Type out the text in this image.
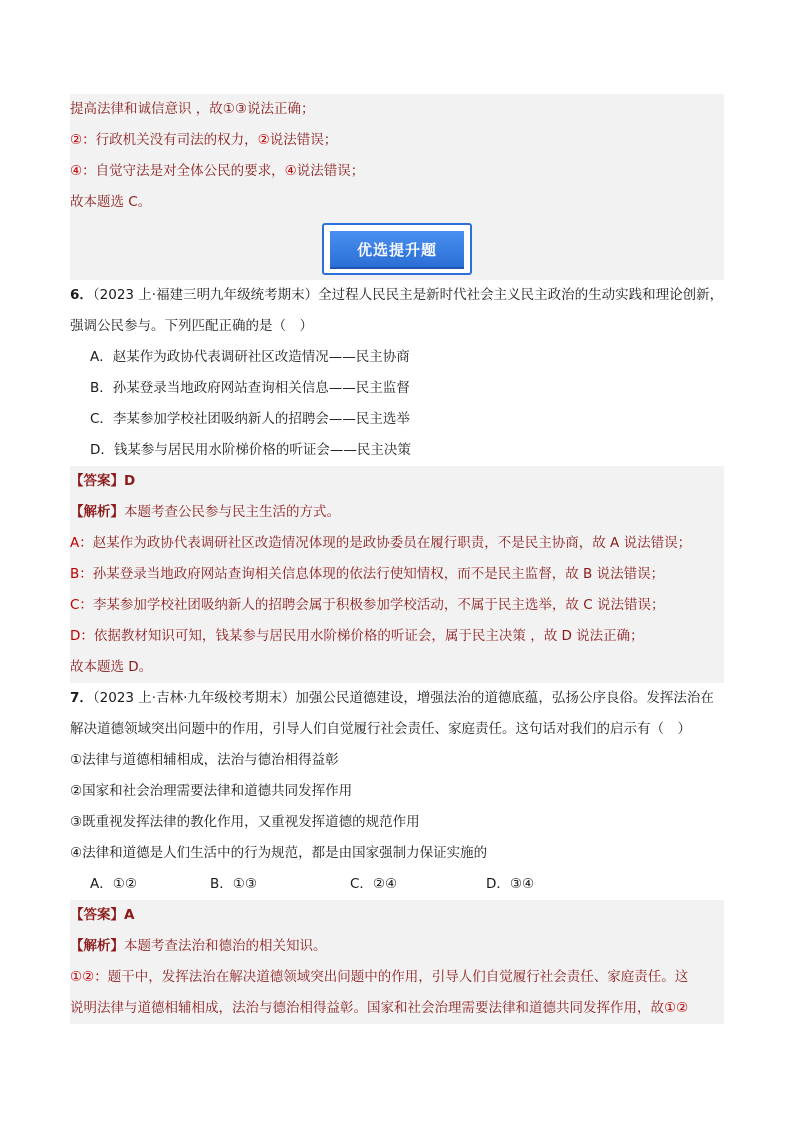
提高法律和诚信意识 ，故①③说法正确；
②：行政机关没有司法的权力，②说法错误；
④：自觉守法是对全体公民的要求，④说法错误；
故本题选 C。
优选提升题
6．（2023 上·福建三明九年级统考期末）全过程人民民主是新时代社会主义民主政治的生动实践和理论创新，
强调公民参与。下列匹配正确的是（　）
A．赵某作为政协代表调研社区改造情况——民主协商
B．孙某登录当地政府网站查询相关信息——民主监督
C．李某参加学校社团吸纳新人的招聘会——民主选举
D．钱某参与居民用水阶梯价格的听证会——民主决策
【答案】D
【解析】本题考查公民参与民主生活的方式。
A：赵某作为政协代表调研社区改造情况体现的是政协委员在履行职责，不是民主协商，故 A 说法错误；
B：孙某登录当地政府网站查询相关信息体现的依法行使知情权，而不是民主监督，故 B 说法错误；
C：李某参加学校社团吸纳新人的招聘会属于积极参加学校活动，不属于民主选举，故 C 说法错误；
D：依据教材知识可知，钱某参与居民用水阶梯价格的听证会，属于民主决策 ，故 D 说法正确；
故本题选 D。
7．（2023 上·吉林·九年级校考期末）加强公民道德建设，增强法治的道德底蕴，弘扬公序良俗。发挥法治在
解决道德领域突出问题中的作用，引导人们自觉履行社会责任、家庭责任。这句话对我们的启示有（　）
①法律与道德相辅相成，法治与德治相得益彰
②国家和社会治理需要法律和道德共同发挥作用
③既重视发挥法律的教化作用，又重视发挥道德的规范作用
④法律和道德是人们生活中的行为规范，都是由国家强制力保证实施的
A．①②	B．①③	C．②④	D．③④
【答案】A
【解析】本题考查法治和德治的相关知识。
①②：题干中，发挥法治在解决道德领域突出问题中的作用，引导人们自觉履行社会责任、家庭责任。这
说明法律与道德相辅相成，法治与德治相得益彰。国家和社会治理需要法律和道德共同发挥作用，故①②
